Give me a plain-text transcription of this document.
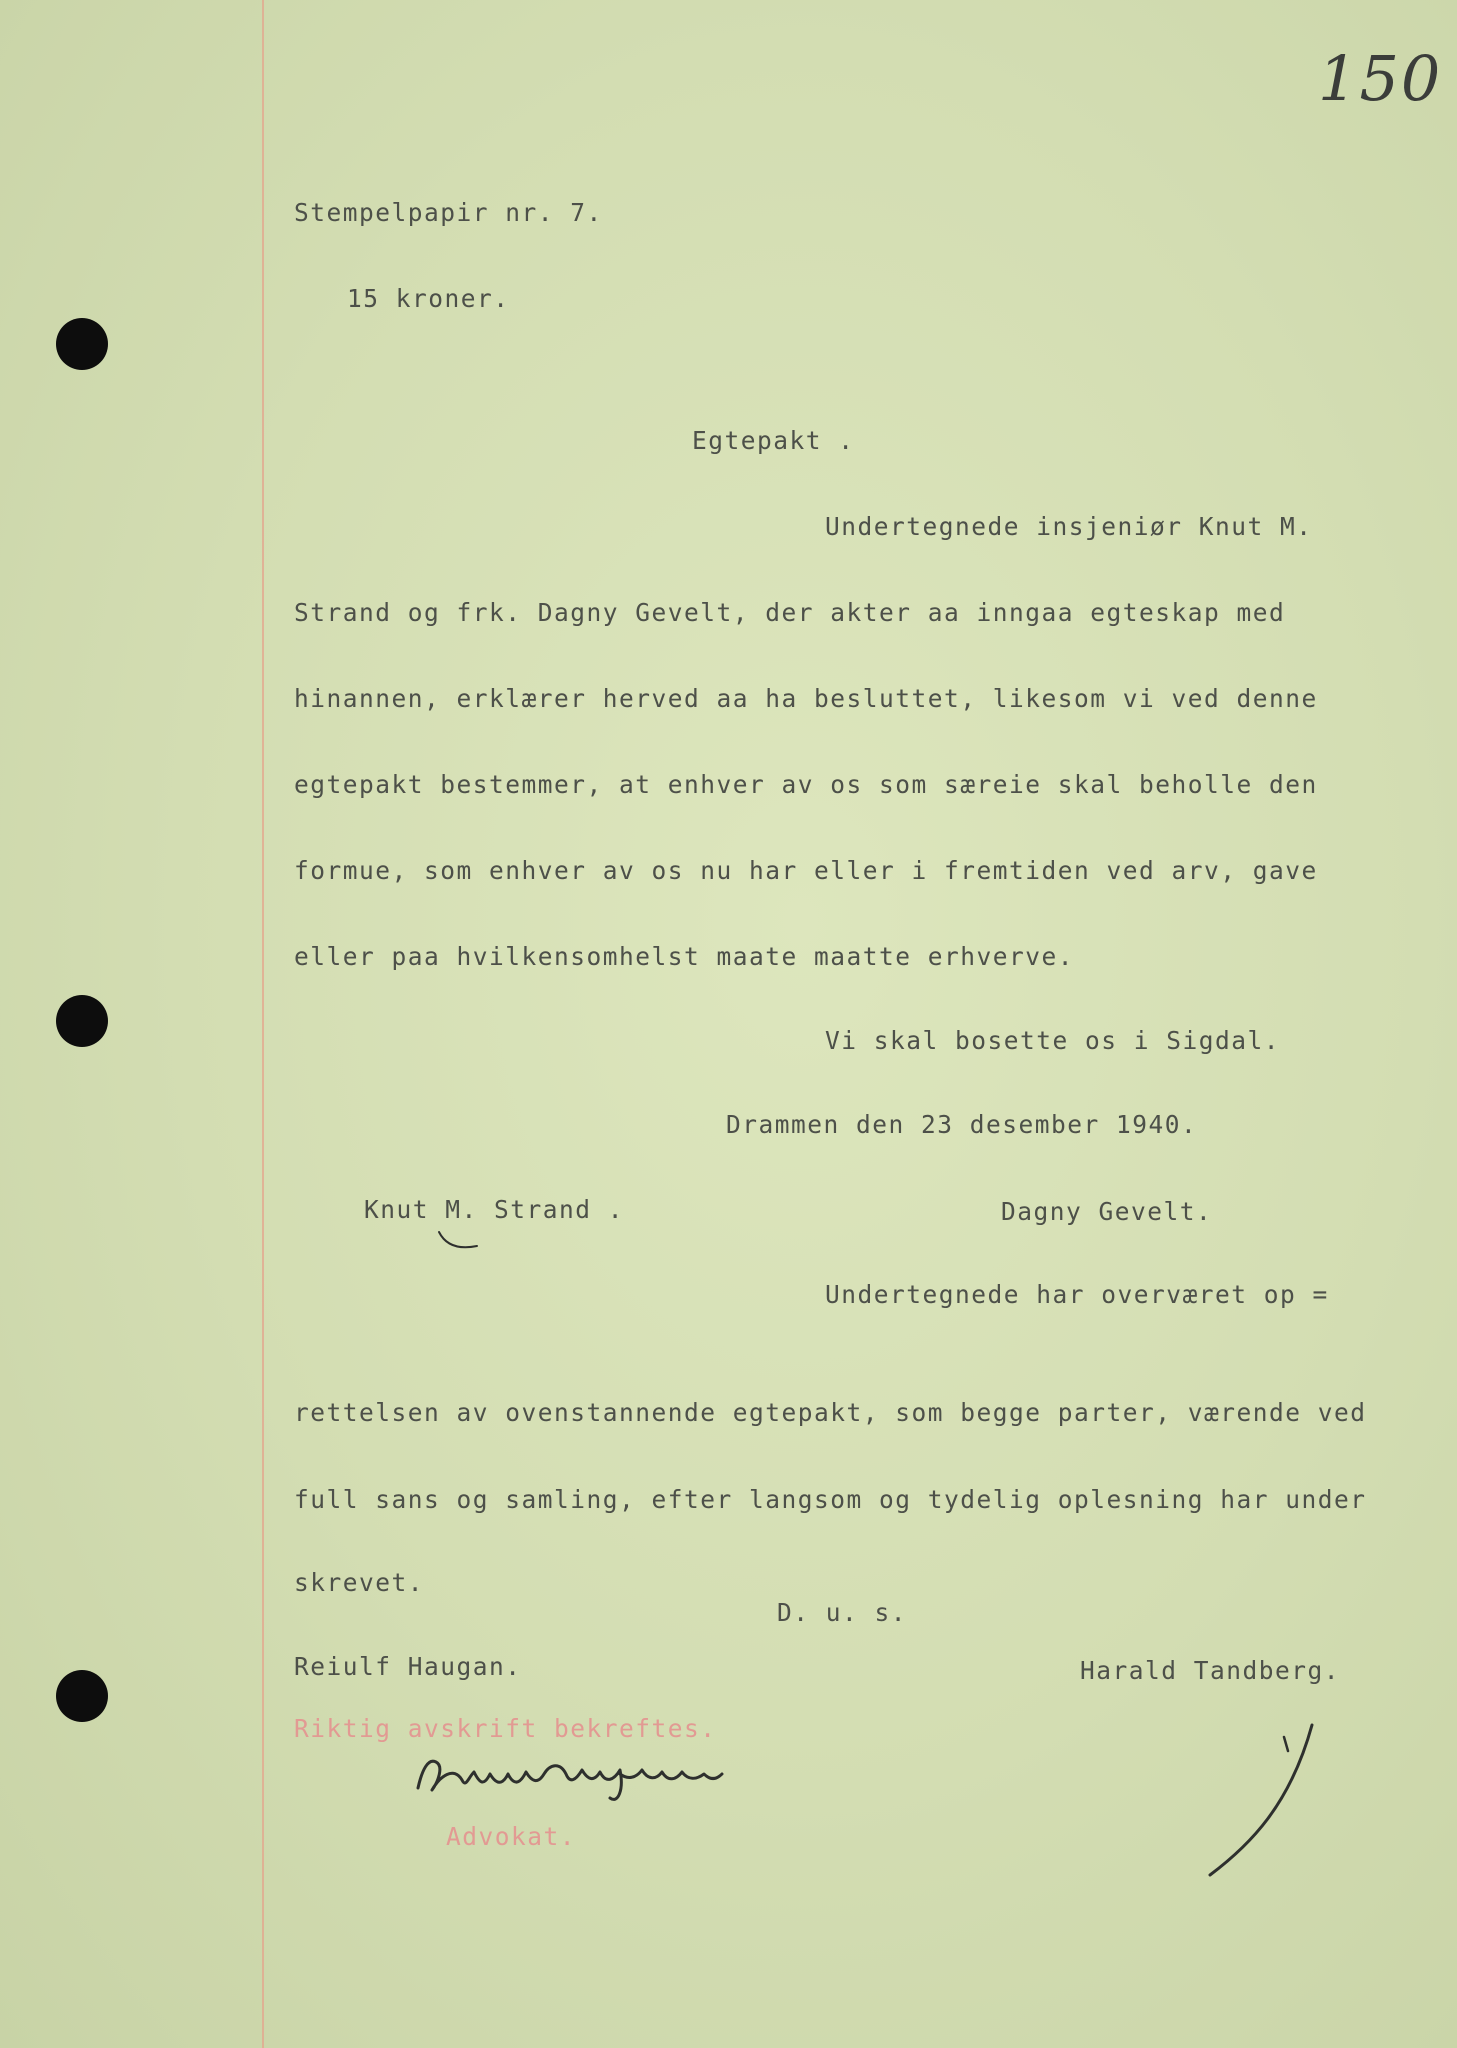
150
Stempelpapir nr. 7.
15 kroner.
Egtepakt .
Undertegnede insjeniør Knut M.
Strand og frk. Dagny Gevelt, der akter aa inngaa egteskap med
hinannen, erklærer herved aa ha besluttet, likesom vi ved denne
egtepakt bestemmer, at enhver av os som særeie skal beholle den
formue, som enhver av os nu har eller i fremtiden ved arv, gave
eller paa hvilkensomhelst maate maatte erhverve.
Vi skal bosette os i Sigdal.
Drammen den 23 desember 1940.
Knut M. Strand .	Dagny Gevelt.
Undertegnede har overværet op =
rettelsen av ovenstannende egtepakt, som begge parter, værende ved
full sans og samling, efter langsom og tydelig oplesning har under
skrevet.
D. u. s.
Reiulf Haugan.	Harald Tandberg.
Riktig avskrift bekreftes.
Advokat.
